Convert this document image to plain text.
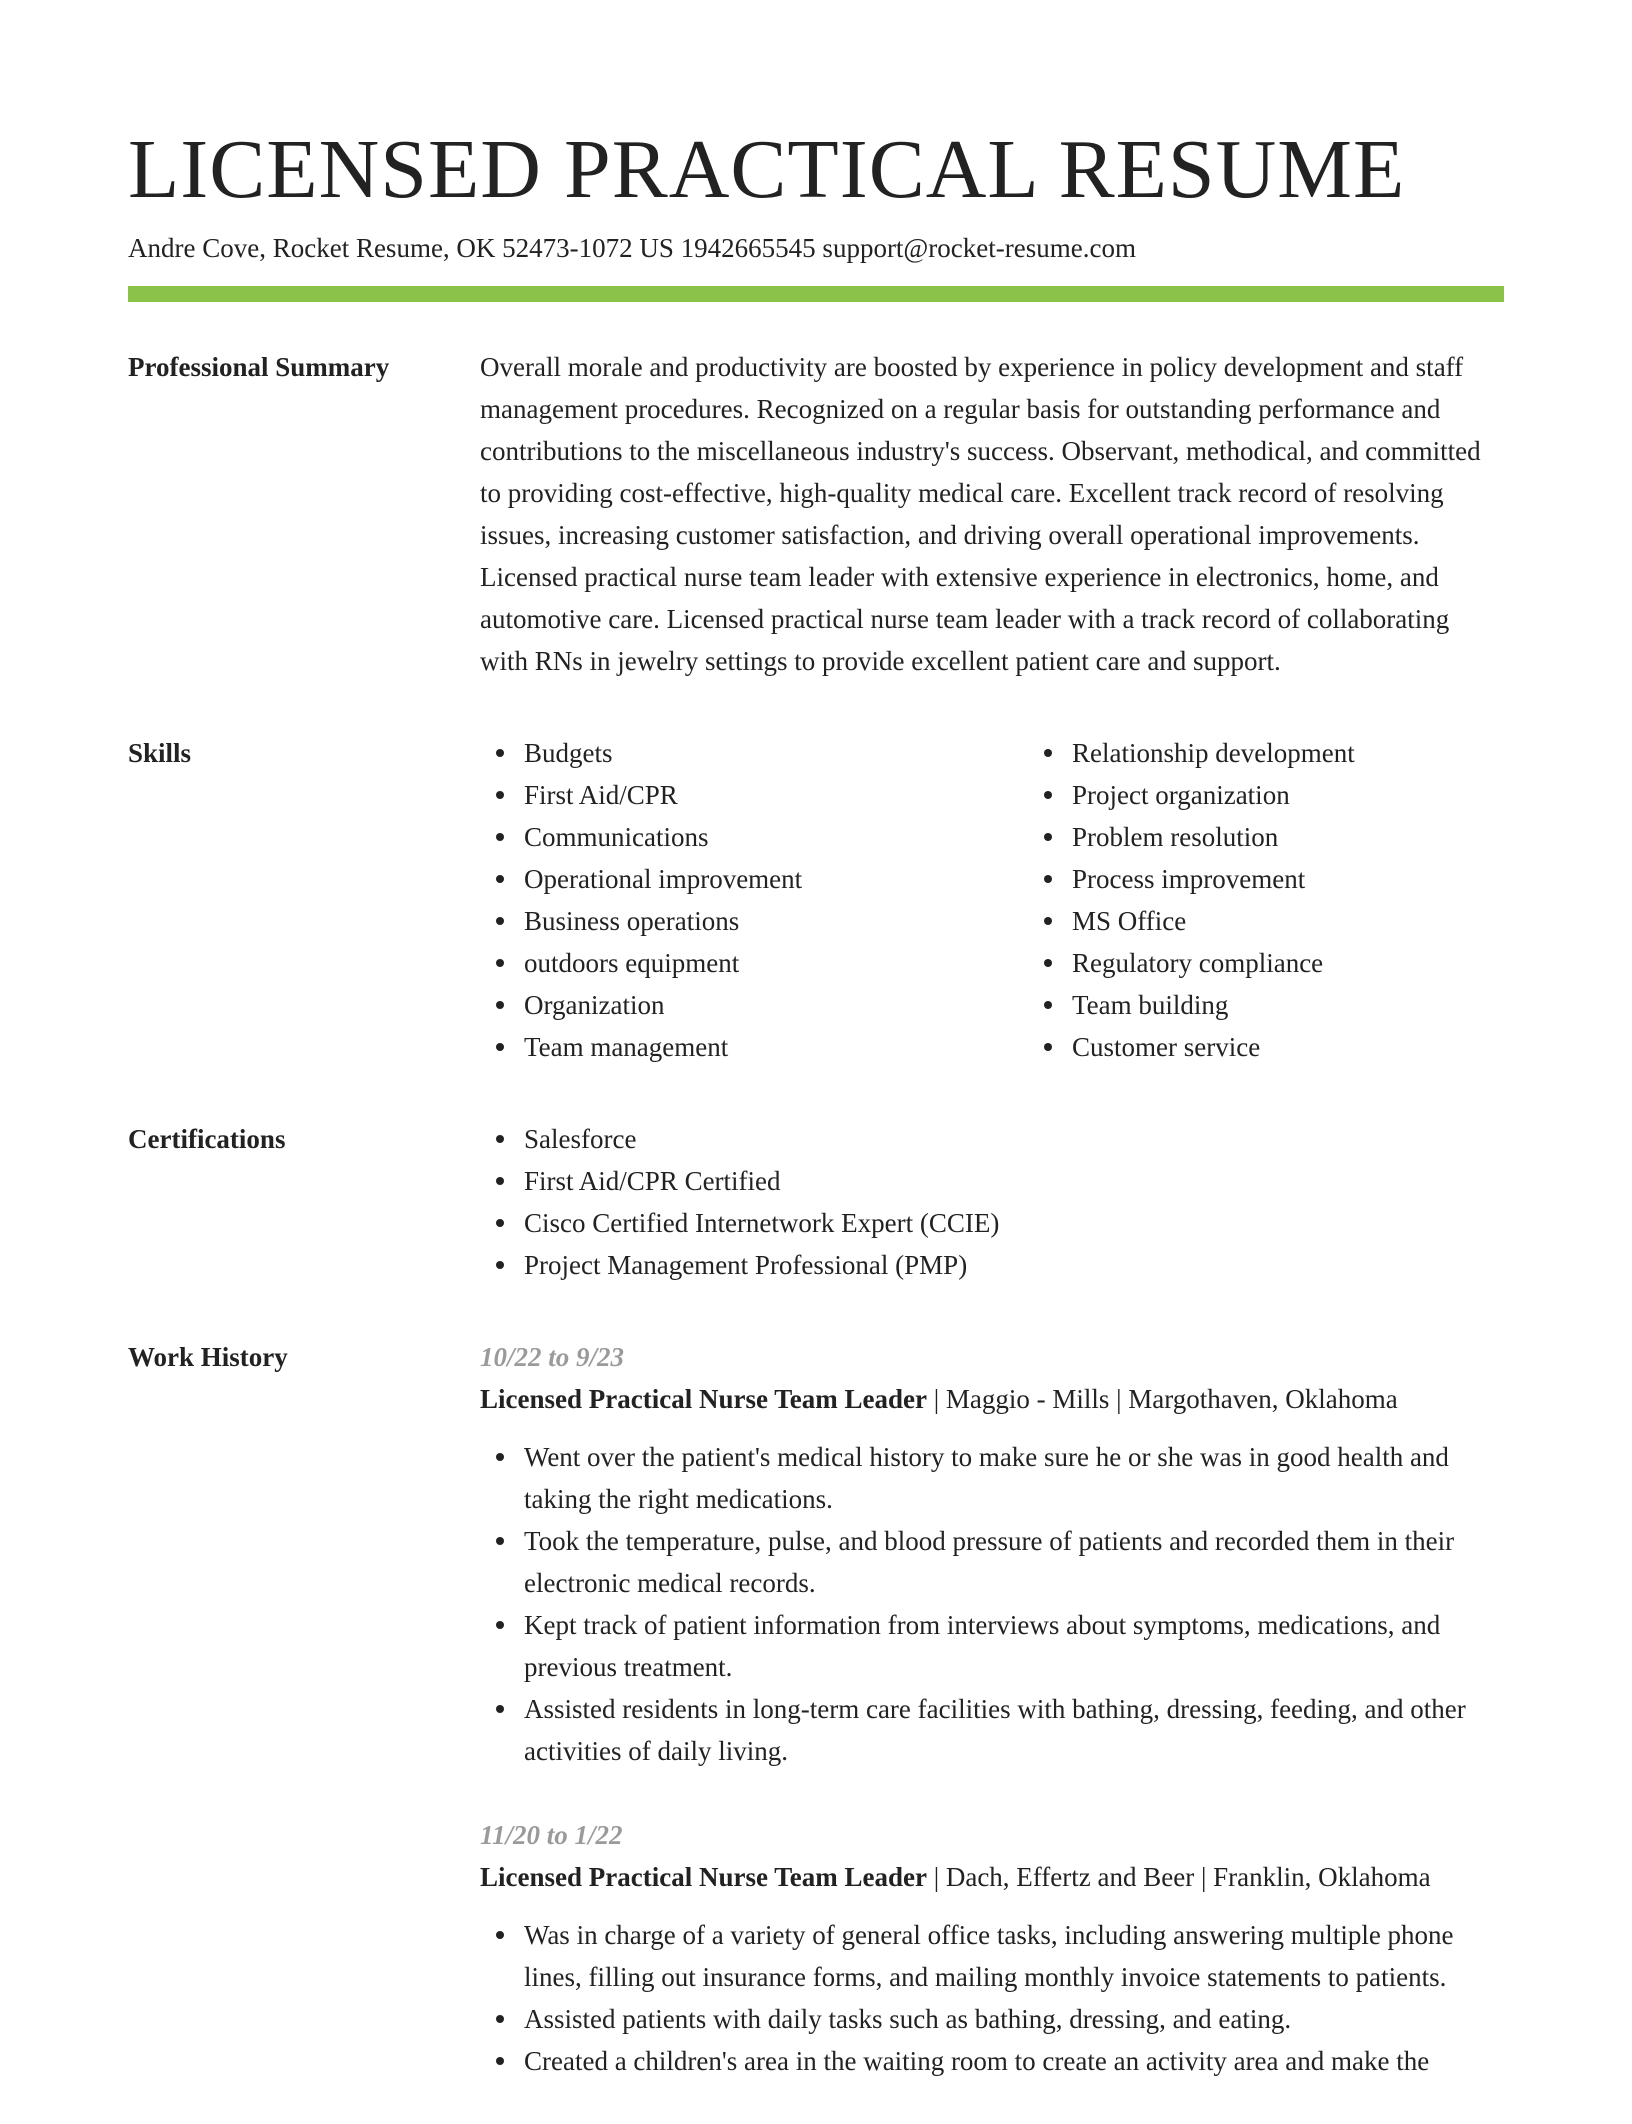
LICENSED PRACTICAL RESUME
Andre Cove, Rocket Resume, OK 52473-1072 US 1942665545 support@rocket-resume.com
Professional Summary	Overall morale and productivity are boosted by experience in policy development and staff management procedures. Recognized on a regular basis for outstanding performance and contributions to the miscellaneous industry's success. Observant, methodical, and committed to providing cost-effective, high-quality medical care. Excellent track record of resolving issues, increasing customer satisfaction, and driving overall operational improvements. Licensed practical nurse team leader with extensive experience in electronics, home, and automotive care. Licensed practical nurse team leader with a track record of collaborating with RNs in jewelry settings to provide excellent patient care and support.

Skills	Budgets
First Aid/CPR
Communications
Operational improvement
Business operations
outdoors equipment
Organization
Team management
Relationship development
Project organization
Problem resolution
Process improvement
MS Office
Regulatory compliance
Team building
Customer service
Certifications	Salesforce
First Aid/CPR Certified
Cisco Certified Internetwork Expert (CCIE)
Project Management Professional (PMP)
Work History	10/22 to 9/23
Licensed Practical Nurse Team Leader | Maggio - Mills | Margothaven, Oklahoma
Went over the patient's medical history to make sure he or she was in good health and taking the right medications.
Took the temperature, pulse, and blood pressure of patients and recorded them in their electronic medical records.
Kept track of patient information from interviews about symptoms, medications, and previous treatment.
Assisted residents in long-term care facilities with bathing, dressing, feeding, and other activities of daily living.
11/20 to 1/22
Licensed Practical Nurse Team Leader | Dach, Effertz and Beer | Franklin, Oklahoma
Was in charge of a variety of general office tasks, including answering multiple phone lines, filling out insurance forms, and mailing monthly invoice statements to patients.
Assisted patients with daily tasks such as bathing, dressing, and eating.
Created a children's area in the waiting room to create an activity area and make the
